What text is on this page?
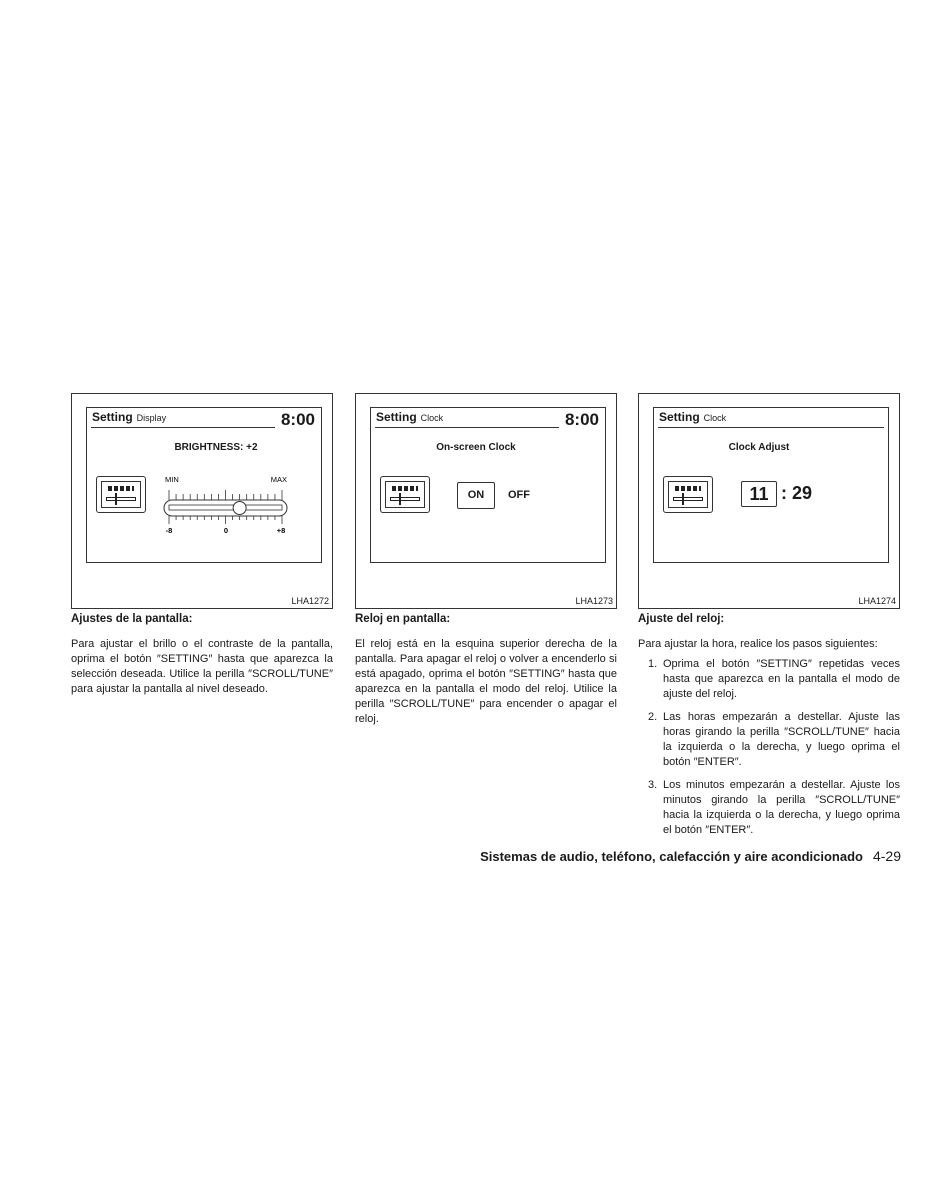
Setting Display	8:00
BRIGHTNESS: +2
MIN	MAX
-8	0	+8
LHA1272
Setting Clock	8:00
On-screen Clock
ON	OFF
LHA1273
Setting Clock
Clock Adjust
11 : 29
LHA1274
Ajustes de la pantalla:

Para ajustar el brillo o el contraste de la pantalla, oprima el botón ″SETTING″ hasta que aparezca la selección deseada. Utilice la perilla ″SCROLL/TUNE″ para ajustar la pantalla al nivel deseado.

Reloj en pantalla:

El reloj está en la esquina superior derecha de la pantalla. Para apagar el reloj o volver a encenderlo si está apagado, oprima el botón ″SETTING″ hasta que aparezca en la pantalla el modo del reloj. Utilice la perilla ″SCROLL/TUNE″ para encender o apagar el reloj.

Ajuste del reloj:

Para ajustar la hora, realice los pasos siguientes:

1. Oprima el botón ″SETTING″ repetidas veces hasta que aparezca en la pantalla el modo de ajuste del reloj.
2. Las horas empezarán a destellar. Ajuste las horas girando la perilla ″SCROLL/TUNE″ hacia la izquierda o la derecha, y luego oprima el botón ″ENTER″.
3. Los minutos empezarán a destellar. Ajuste los minutos girando la perilla ″SCROLL/TUNE″ hacia la izquierda o la derecha, y luego oprima el botón ″ENTER″.
Sistemas de audio, teléfono, calefacción y aire acondicionado 4-29
